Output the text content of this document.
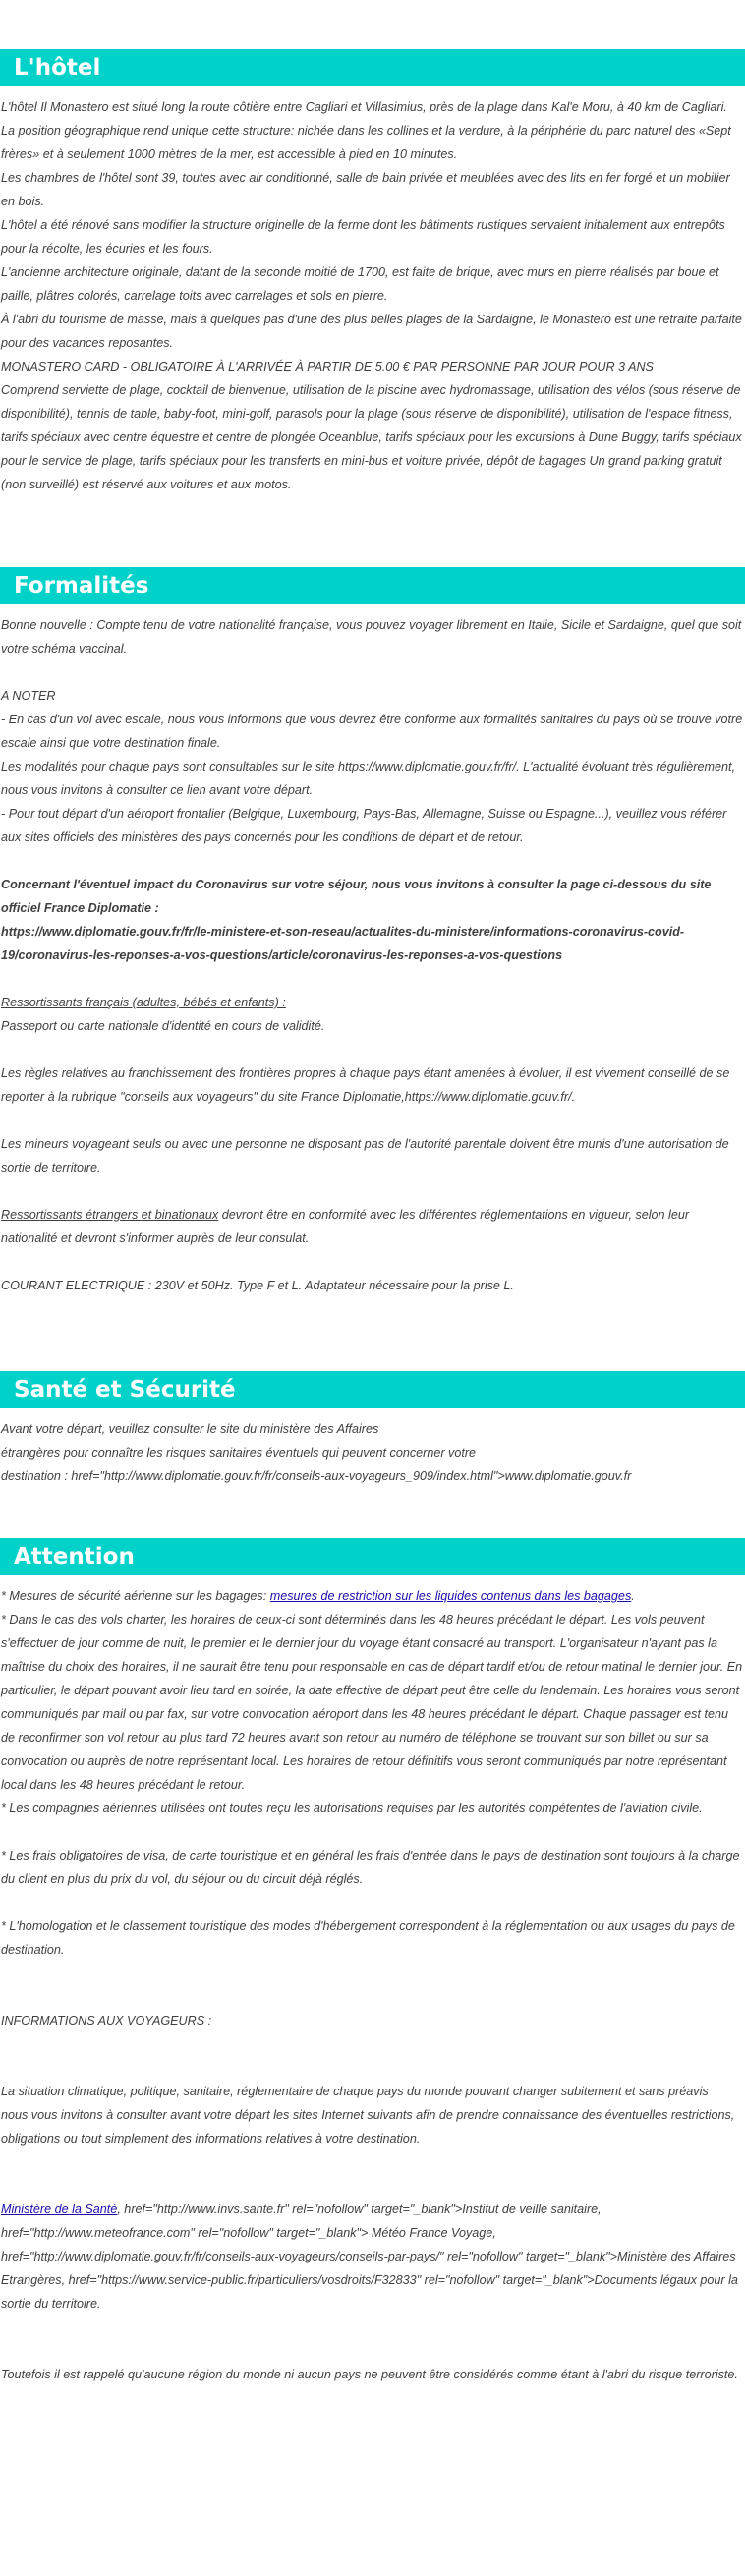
L'hôtel

L'hôtel Il Monastero est situé long la route côtière entre Cagliari et Villasimius, près de la plage dans Kal'e Moru, à 40 km de Cagliari.

La position géographique rend unique cette structure: nichée dans les collines et la verdure, à la périphérie du parc naturel des «Sept frères» et à seulement 1000 mètres de la mer, est accessible à pied en 10 minutes.

Les chambres de l'hôtel sont 39, toutes avec air conditionné, salle de bain privée et meublées avec des lits en fer forgé et un mobilier en bois.

L'hôtel a été rénové sans modifier la structure originelle de la ferme dont les bâtiments rustiques servaient initialement aux entrepôts pour la récolte, les écuries et les fours.

L'ancienne architecture originale, datant de la seconde moitié de 1700, est faite de brique, avec murs en pierre réalisés par boue et paille, plâtres colorés, carrelage toits avec carrelages et sols en pierre.

À l'abri du tourisme de masse, mais à quelques pas d'une des plus belles plages de la Sardaigne, le Monastero est une retraite parfaite pour des vacances reposantes.

MONASTERO CARD - OBLIGATOIRE À L'ARRIVÉE À PARTIR DE 5.00 € PAR PERSONNE PAR JOUR POUR 3 ANS

Comprend serviette de plage, cocktail de bienvenue, utilisation de la piscine avec hydromassage, utilisation des vélos (sous réserve de disponibilité), tennis de table, baby-foot, mini-golf, parasols pour la plage (sous réserve de disponibilité), utilisation de l'espace fitness, tarifs spéciaux avec centre équestre et centre de plongée Oceanblue, tarifs spéciaux pour les excursions à Dune Buggy, tarifs spéciaux pour le service de plage, tarifs spéciaux pour les transferts en mini-bus et voiture privée, dépôt de bagages Un grand parking gratuit (non surveillé) est réservé aux voitures et aux motos.

Formalités

Bonne nouvelle : Compte tenu de votre nationalité française, vous pouvez voyager librement en Italie, Sicile et Sardaigne, quel que soit votre schéma vaccinal.

A NOTER

- En cas d'un vol avec escale, nous vous informons que vous devrez être conforme aux formalités sanitaires du pays où se trouve votre escale ainsi que votre destination finale.

Les modalités pour chaque pays sont consultables sur le site https://www.diplomatie.gouv.fr/fr/. L'actualité évoluant très régulièrement, nous vous invitons à consulter ce lien avant votre départ.

- Pour tout départ d'un aéroport frontalier (Belgique, Luxembourg, Pays-Bas, Allemagne, Suisse ou Espagne...), veuillez vous référer aux sites officiels des ministères des pays concernés pour les conditions de départ et de retour.

Concernant l'éventuel impact du Coronavirus sur votre séjour, nous vous invitons à consulter la page ci-dessous du site officiel France Diplomatie :

https://www.diplomatie.gouv.fr/fr/le-ministere-et-son-reseau/actualites-du-ministere/informations-coronavirus-covid-19/coronavirus-les-reponses-a-vos-questions/article/coronavirus-les-reponses-a-vos-questions

Ressortissants français (adultes, bébés et enfants) :

Passeport ou carte nationale d'identité en cours de validité.

Les règles relatives au franchissement des frontières propres à chaque pays étant amenées à évoluer, il est vivement conseillé de se reporter à la rubrique "conseils aux voyageurs" du site France Diplomatie,https://www.diplomatie.gouv.fr/.

Les mineurs voyageant seuls ou avec une personne ne disposant pas de l'autorité parentale doivent être munis d'une autorisation de sortie de territoire.

Ressortissants étrangers et binationaux devront être en conformité avec les différentes réglementations en vigueur, selon leur nationalité et devront s'informer auprès de leur consulat.

COURANT ELECTRIQUE : 230V et 50Hz. Type F et L. Adaptateur nécessaire pour la prise L.

Santé et Sécurité

Avant votre départ, veuillez consulter le site du ministère des Affaires

étrangères pour connaître les risques sanitaires éventuels qui peuvent concerner votre

destination : href="http://www.diplomatie.gouv.fr/fr/conseils-aux-voyageurs_909/index.html">www.diplomatie.gouv.fr

Attention

* Mesures de sécurité aérienne sur les bagages: mesures de restriction sur les liquides contenus dans les bagages.

* Dans le cas des vols charter, les horaires de ceux-ci sont déterminés dans les 48 heures précédant le départ. Les vols peuvent s'effectuer de jour comme de nuit, le premier et le dernier jour du voyage étant consacré au transport. L'organisateur n'ayant pas la maîtrise du choix des horaires, il ne saurait être tenu pour responsable en cas de départ tardif et/ou de retour matinal le dernier jour. En particulier, le départ pouvant avoir lieu tard en soirée, la date effective de départ peut être celle du lendemain. Les horaires vous seront communiqués par mail ou par fax, sur votre convocation aéroport dans les 48 heures précédant le départ. Chaque passager est tenu de reconfirmer son vol retour au plus tard 72 heures avant son retour au numéro de téléphone se trouvant sur son billet ou sur sa convocation ou auprès de notre représentant local. Les horaires de retour définitifs vous seront communiqués par notre représentant local dans les 48 heures précédant le retour.

* Les compagnies aériennes utilisées ont toutes reçu les autorisations requises par les autorités compétentes de l'aviation civile.

* Les frais obligatoires de visa, de carte touristique et en général les frais d'entrée dans le pays de destination sont toujours à la charge du client en plus du prix du vol, du séjour ou du circuit déjà réglés.

* L'homologation et le classement touristique des modes d'hébergement correspondent à la réglementation ou aux usages du pays de destination.

INFORMATIONS AUX VOYAGEURS :

La situation climatique, politique, sanitaire, réglementaire de chaque pays du monde pouvant changer subitement et sans préavis

nous vous invitons à consulter avant votre départ les sites Internet suivants afin de prendre connaissance des éventuelles restrictions, obligations ou tout simplement des informations relatives à votre destination.

Ministère de la Santé, href="http://www.invs.sante.fr" rel="nofollow" target="_blank">Institut de veille sanitaire, href="http://www.meteofrance.com" rel="nofollow" target="_blank"> Météo France Voyage, href="http://www.diplomatie.gouv.fr/fr/conseils-aux-voyageurs/conseils-par-pays/" rel="nofollow" target="_blank">Ministère des Affaires Etrangères, href="https://www.service-public.fr/particuliers/vosdroits/F32833" rel="nofollow" target="_blank">Documents légaux pour la sortie du territoire.

Toutefois il est rappelé qu'aucune région du monde ni aucun pays ne peuvent être considérés comme étant à l'abri du risque terroriste.
